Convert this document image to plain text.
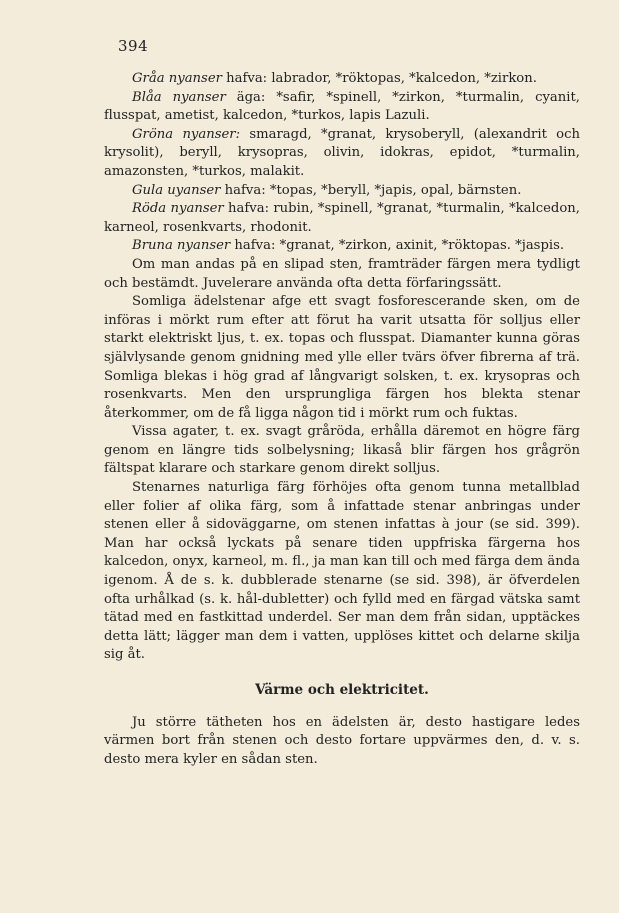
394

Gråa nyanser hafva: labrador, *röktopas, *kalcedon, *zirkon.

Blåa nyanser äga: *safir, *spinell, *zirkon, *turmalin, cyanit, flusspat, ametist, kalcedon, *turkos, lapis Lazuli.

Gröna nyanser: smaragd, *granat, krysoberyll, (alexandrit och krysolit), beryll, krysopras, olivin, idokras, epidot, *turmalin, amazonsten, *turkos, malakit.

Gula uyanser hafva: *topas, *beryll, *japis, opal, bärnsten.

Röda nyanser hafva: rubin, *spinell, *granat, *turmalin, *kalcedon, karneol, rosenkvarts, rhodonit.

Bruna nyanser hafva: *granat, *zirkon, axinit, *röktopas. *jaspis.

Om man andas på en slipad sten, framträder färgen mera tydligt och bestämdt. Juvelerare använda ofta detta förfaringssätt.

Somliga ädelstenar afge ett svagt fosforescerande sken, om de införas i mörkt rum efter att förut ha varit utsatta för solljus eller starkt elektriskt ljus, t. ex. topas och flusspat. Diamanter kunna göras självlysande genom gnidning med ylle eller tvärs öfver fibrerna af trä. Somliga blekas i hög grad af långvarigt solsken, t. ex. krysopras och rosenkvarts. Men den ursprungliga färgen hos blekta stenar återkommer, om de få ligga någon tid i mörkt rum och fuktas.

Vissa agater, t. ex. svagt gråröda, erhålla däremot en högre färg genom en längre tids solbelysning; likaså blir färgen hos grågrön fältspat klarare och starkare genom direkt solljus.

Stenarnes naturliga färg förhöjes ofta genom tunna metallblad eller folier af olika färg, som å infattade stenar anbringas under stenen eller å sidoväggarne, om stenen infattas à jour (se sid. 399). Man har också lyckats på senare tiden uppfriska färgerna hos kalcedon, onyx, karneol, m. fl., ja man kan till och med färga dem ända igenom. Å de s. k. dubblerade stenarne (se sid. 398), är öfverdelen ofta urhålkad (s. k. hål-dubletter) och fylld med en färgad vätska samt tätad med en fastkittad underdel. Ser man dem från sidan, upptäckes detta lätt; lägger man dem i vatten, upplöses kittet och delarne skilja sig åt.

Värme och elektricitet.

Ju större tätheten hos en ädelsten är, desto hastigare ledes värmen bort från stenen och desto fortare uppvärmes den, d. v. s. desto mera kyler en sådan sten.
